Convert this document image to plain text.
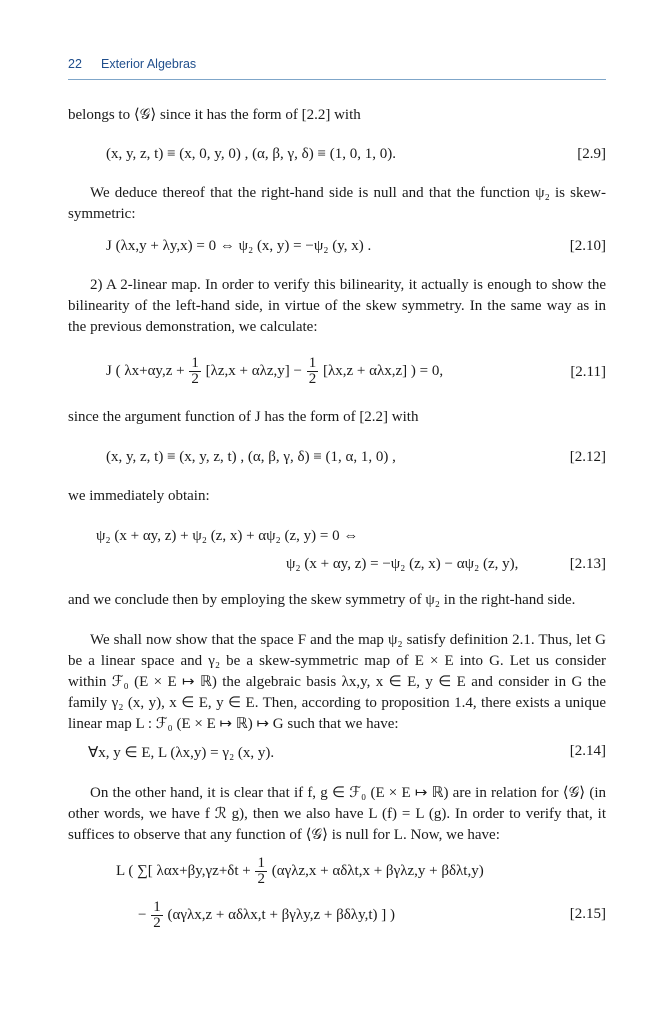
22 Exterior Algebras

belongs to ⟨𝒢⟩ since it has the form of [2.2] with

(x, y, z, t) ≡ (x, 0, y, 0) , (α, β, γ, δ) ≡ (1, 0, 1, 0).	[2.9]

We deduce thereof that the right-hand side is null and that the function ψ₂ is skew-symmetric:

J (λx,y + λy,x) = 0 ⇔ ψ₂ (x, y) = −ψ₂ (y, x) .	[2.10]

2) A 2-linear map. In order to verify this bilinearity, it actually is enough to show the bilinearity of the left-hand side, in virtue of the skew symmetry. In the same way as in the previous demonstration, we calculate:

J ( $\lambda x+\alpha y,z + \frac{1}{2} [\lambda z,x + \alpha\lambda z,y] - \frac{1}{2} [\lambda x,z + \alpha\lambda x,z]$ ) = 0,	[2.11]

since the argument function of J has the form of [2.2] with

(x, y, z, t) ≡ (x, y, z, t) , (α, β, γ, δ) ≡ (1, α, 1, 0) ,	[2.12]

we immediately obtain:

ψ₂ (x + αy, z) + ψ₂ (z, x) + αψ₂ (z, y) = 0 ⇔
ψ₂ (x + αy, z) = −ψ₂ (z, x) − αψ₂ (z, y),	[2.13]

and we conclude then by employing the skew symmetry of ψ₂ in the right-hand side.

We shall now show that the space F and the map ψ₂ satisfy definition 2.1. Thus, let G be a linear space and γ₂ be a skew-symmetric map of E × E into G. Let us consider within ℱ₀ (E × E ↦ ℝ) the algebraic basis λx,y, x ∈ E, y ∈ E and consider in G the family γ₂ (x, y), x ∈ E, y ∈ E. Then, according to proposition 1.4, there exists a unique linear map L : ℱ₀ (E × E ↦ ℝ) ↦ G such that we have:

∀x, y ∈ E, L (λx,y) = γ₂ (x, y).	[2.14]

On the other hand, it is clear that if f, g ∈ ℱ₀ (E × E ↦ ℝ) are in relation for ⟨𝒢⟩ (in other words, we have f ℛ g), then we also have L (f) = L (g). In order to verify that, it suffices to observe that any function of ⟨𝒢⟩ is null for L. Now, we have:

L ( ∑[ $\lambda\alpha x+\beta y,\gamma z+\delta t + \frac{1}{2} (\alpha\gamma\lambda z,x + \alpha\delta\lambda t,x + \beta\gamma\lambda z,y + \beta\delta\lambda t,y)$
− $\frac{1}{2} (\alpha\gamma\lambda x,z + \alpha\delta\lambda x,t + \beta\gamma\lambda y,z + \beta\delta\lambda y,t)$ ] )	[2.15]
